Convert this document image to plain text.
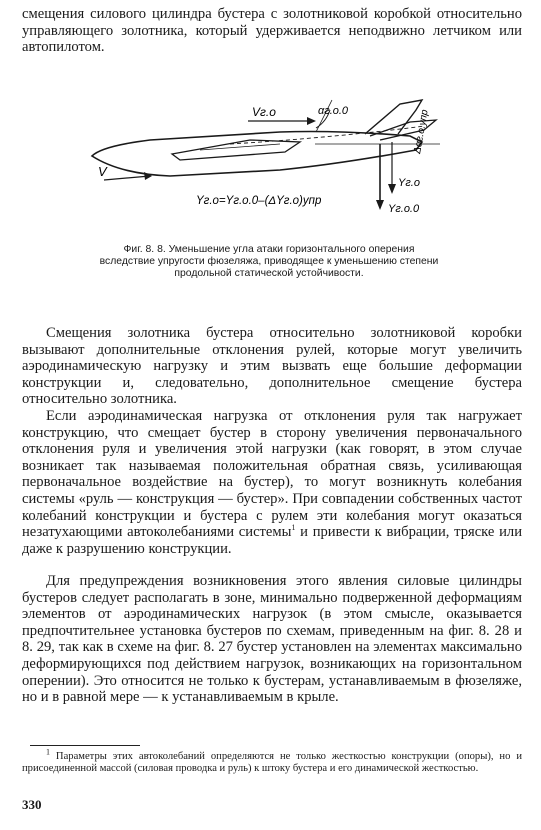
смещения силового цилиндра бустера с золотниковой коробкой относительно управляющего золотника, который удерживается неподвижно летчиком или автопилотом.

Vг.о	αг.о.0
V
Δαг.о.упр
Yг.о
Yг.о.0
Yг.о=Yг.о.0–(ΔYг.о)упр

Фиг. 8. 8. Уменьшение угла атаки горизонтального оперения вследствие упругости фюзеляжа, приводящее к уменьшению степени продольной статической устойчивости.

Смещения золотника бустера относительно золотниковой коробки вызывают дополнительные отклонения рулей, которые могут увеличить аэродинамическую нагрузку и этим вызвать еще большие деформации конструкции и, следовательно, дополнительное смещение бустера относительно золотника.

Если аэродинамическая нагрузка от отклонения руля так нагружает конструкцию, что смещает бустер в сторону увеличения первоначального отклонения руля и увеличения этой нагрузки (как говорят, в этом случае возникает так называемая положительная обратная связь, усиливающая первоначальное воздействие на бустер), то могут возникнуть колебания системы «руль — конструкция — бустер». При совпадении собственных частот колебаний конструкции и бустера с рулем эти колебания могут оказаться незатухающими автоколебаниями системы$^1$ и привести к вибрации, тряске или даже к разрушению конструкции.

Для предупреждения возникновения этого явления силовые цилиндры бустеров следует располагать в зоне, минимально подверженной деформациям элементов от аэродинамических нагрузок (в этом смысле, оказывается предпочтительнее установка бустеров по схемам, приведенным на фиг. 8. 28 и 8. 29, так как в схеме на фиг. 8. 27 бустер установлен на элементах максимально деформирующихся под действием нагрузок, возникающих на горизонтальном оперении). Это относится не только к бустерам, устанавливаемым в фюзеляже, но и в равной мере — к устанавливаемым в крыле.

$^1$ Параметры этих автоколебаний определяются не только жесткостью конструкции (опоры), но и присоединенной массой (силовая проводка и руль) к штоку бустера и его динамической жесткостью.

330
